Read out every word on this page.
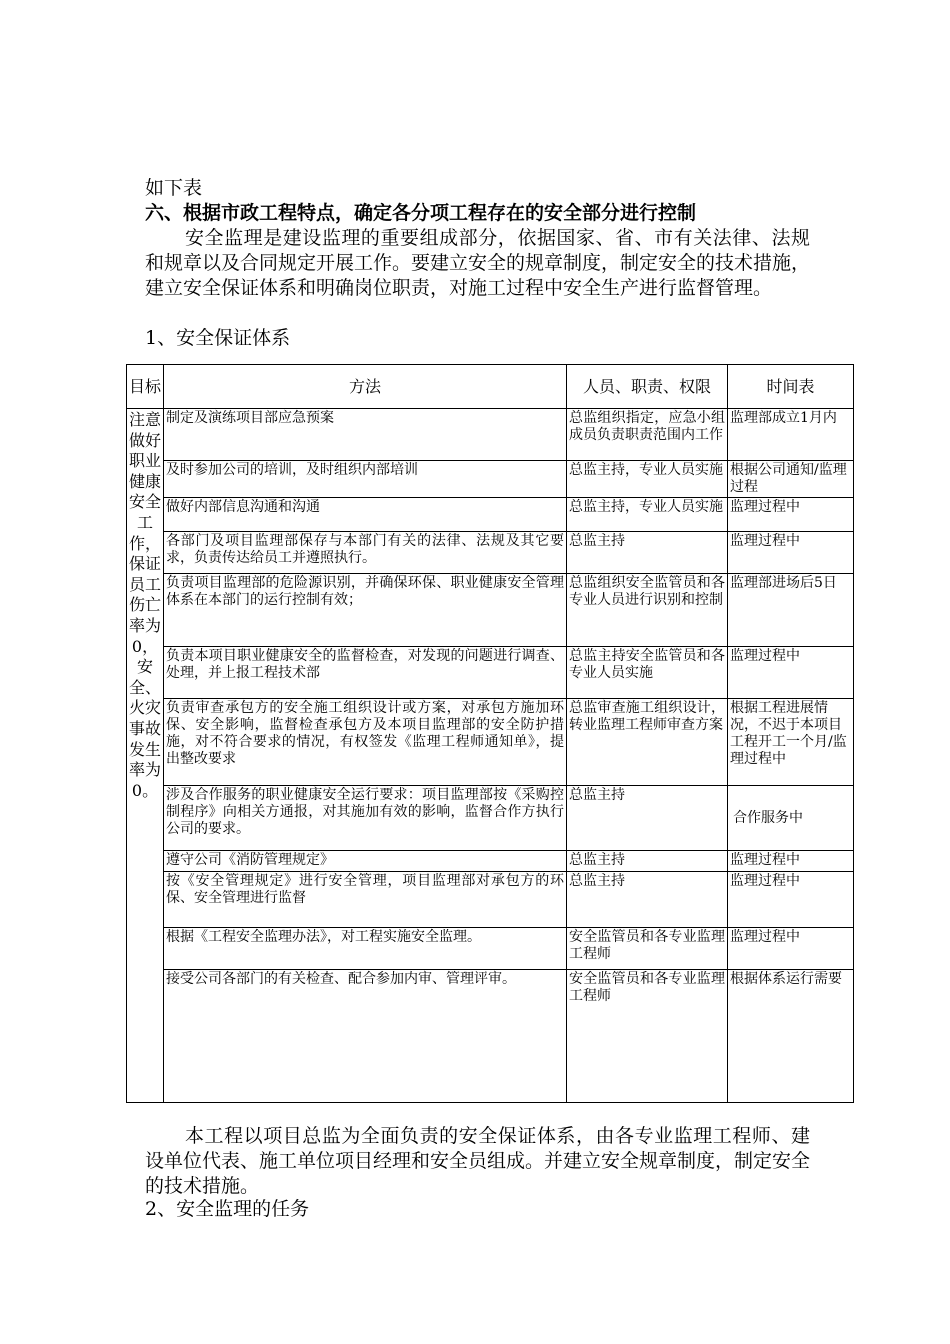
如下表

六、根据市政工程特点，确定各分项工程存在的安全部分进行控制

安全监理是建设监理的重要组成部分，依据国家、省、市有关法律、法规和规章以及合同规定开展工作。要建立安全的规章制度，制定安全的技术措施，建立安全保证体系和明确岗位职责，对施工过程中安全生产进行监督管理。

1、安全保证体系

目标	方法	人员、职责、权限	时间表
注意做好职业健康安全工作，保证员工伤亡率为0，安全、火灾事故发生率为0。	制定及演练项目部应急预案	总监组织指定，应急小组成员负责职责范围内工作	监理部成立1月内
	及时参加公司的培训，及时组织内部培训	总监主持，专业人员实施	根据公司通知/监理过程
	做好内部信息沟通和沟通	总监主持，专业人员实施	监理过程中
	各部门及项目监理部保存与本部门有关的法律、法规及其它要求，负责传达给员工并遵照执行。	总监主持	监理过程中
	负责项目监理部的危险源识别，并确保环保、职业健康安全管理体系在本部门的运行控制有效；	总监组织安全监管员和各专业人员进行识别和控制	监理部进场后5日
	负责本项目职业健康安全的监督检查，对发现的问题进行调查、处理，并上报工程技术部	总监主持安全监管员和各专业人员实施	监理过程中
	负责审查承包方的安全施工组织设计或方案，对承包方施加环保、安全影响，监督检查承包方及本项目监理部的安全防护措施，对不符合要求的情况，有权签发《监理工程师通知单》，提出整改要求	总监审查施工组织设计，转业监理工程师审查方案	根据工程进展情况，不迟于本项目工程开工一个月/监理过程中
	涉及合作服务的职业健康安全运行要求：项目监理部按《采购控制程序》向相关方通报，对其施加有效的影响，监督合作方执行公司的要求。	总监主持	合作服务中
	遵守公司《消防管理规定》	总监主持	监理过程中
	按《安全管理规定》进行安全管理，项目监理部对承包方的环保、安全管理进行监督	总监主持	监理过程中
	根据《工程安全监理办法》，对工程实施安全监理。	安全监管员和各专业监理工程师	监理过程中
	接受公司各部门的有关检查、配合参加内审、管理评审。	安全监管员和各专业监理工程师	根据体系运行需要

本工程以项目总监为全面负责的安全保证体系，由各专业监理工程师、建设单位代表、施工单位项目经理和安全员组成。并建立安全规章制度，制定安全的技术措施。

2、安全监理的任务
